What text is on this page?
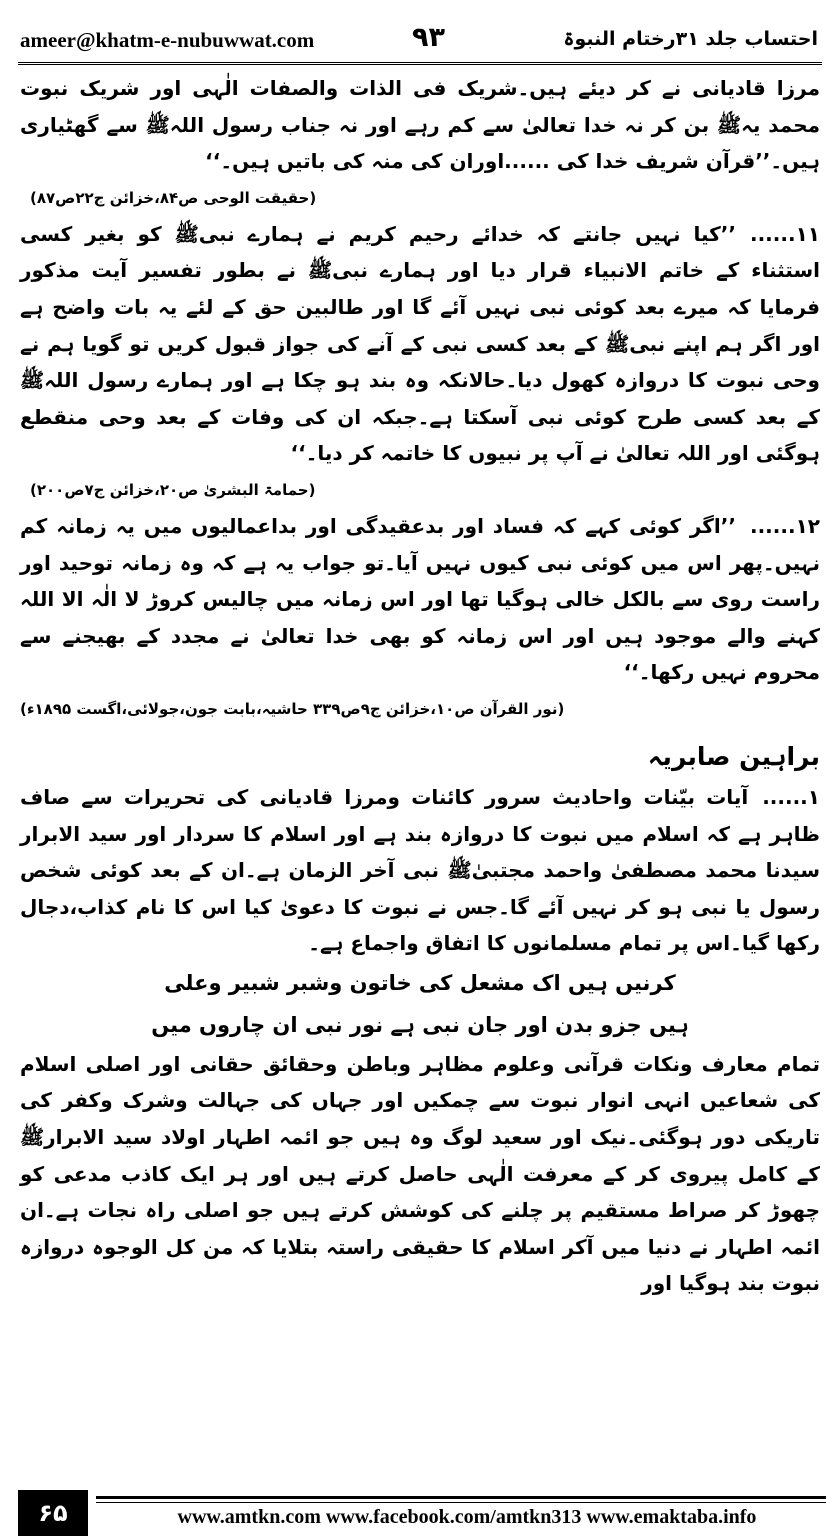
ameer@khatm-e-nubuwwat.com	۹۳	احتساب جلد ۳۱رختام النبوۃ

مرزا قادیانی نے کر دیئے ہیں۔شریک فی الذات والصفات الٰہی اور شریک نبوت محمد یہﷺ بن کر نہ خدا تعالیٰ سے کم رہے اور نہ جناب رسول اللہﷺ سے گھٹیاری ہیں۔’’قرآن شریف خدا کی ......اوران کی منہ کی باتیں ہیں۔‘‘

(حقیقت الوحی ص۸۴،خزائن ج۲۲ص۸۷)

۱۱......’’کیا نہیں جانتے کہ خدائے رحیم کریم نے ہمارے نبیﷺ کو بغیر کسی استثناء کے خاتم الانبیاء قرار دیا اور ہمارے نبیﷺ نے بطور تفسیر آیت مذکور فرمایا کہ میرے بعد کوئی نبی نہیں آئے گا اور طالبین حق کے لئے یہ بات واضح ہے اور اگر ہم اپنے نبیﷺ کے بعد کسی نبی کے آنے کی جواز قبول کریں تو گویا ہم نے وحی نبوت کا دروازہ کھول دیا۔حالانکہ وہ بند ہو چکا ہے اور ہمارے رسول اللہﷺ کے بعد کسی طرح کوئی نبی آسکتا ہے۔جبکہ ان کی وفات کے بعد وحی منقطع ہوگئی اور اللہ تعالیٰ نے آپ پر نبیوں کا خاتمہ کر دیا۔‘‘

(حمامۃ البشریٰ ص۲۰،خزائن ج۷ص۲۰۰)

۱۲......’’اگر کوئی کہے کہ فساد اور بدعقیدگی اور بداعمالیوں میں یہ زمانہ کم نہیں۔پھر اس میں کوئی نبی کیوں نہیں آیا۔تو جواب یہ ہے کہ وہ زمانہ توحید اور راست روی سے بالکل خالی ہوگیا تھا اور اس زمانہ میں چالیس کروڑ لا الٰہ الا اللہ کہنے والے موجود ہیں اور اس زمانہ کو بھی خدا تعالیٰ نے مجدد کے بھیجنے سے محروم نہیں رکھا۔‘‘

(نور القرآن ص۱۰،خزائن ج۹ص۳۳۹ حاشیہ،بابت جون،جولائی،اگست ۱۸۹۵ء)

براہین صابریہ

۱......آیات بیّنات واحادیث سرور کائنات ومرزا قادیانی کی تحریرات سے صاف ظاہر ہے کہ اسلام میں نبوت کا دروازہ بند ہے اور اسلام کا سردار اور سید الابرار سیدنا محمد مصطفیٰ واحمد مجتبیٰﷺ نبی آخر الزمان ہے۔ان کے بعد کوئی شخص رسول یا نبی ہو کر نہیں آئے گا۔جس نے نبوت کا دعویٰ کیا اس کا نام کذاب،دجال رکھا گیا۔اس پر تمام مسلمانوں کا اتفاق واجماع ہے۔

کرنیں ہیں اک مشعل کی خاتون وشبر شبیر وعلی

ہیں جزو بدن اور جان نبی ہے نور نبی ان چاروں میں

تمام معارف ونکات قرآنی وعلوم مظاہر وباطن وحقائق حقانی اور اصلی اسلام کی شعاعیں انہی انوار نبوت سے چمکیں اور جہاں کی جہالت وشرک وکفر کی تاریکی دور ہوگئی۔نیک اور سعید لوگ وہ ہیں جو ائمہ اطہار اولاد سید الابرارﷺ کے کامل پیروی کر کے معرفت الٰہی حاصل کرتے ہیں اور ہر ایک کاذب مدعی کو چھوڑ کر صراط مستقیم پر چلنے کی کوشش کرتے ہیں جو اصلی راہ نجات ہے۔ان ائمہ اطہار نے دنیا میں آکر اسلام کا حقیقی راستہ بتلایا کہ من کل الوجوہ دروازہ نبوت بند ہوگیا اور

۶۵	www.amtkn.com www.facebook.com/amtkn313 www.emaktaba.info
